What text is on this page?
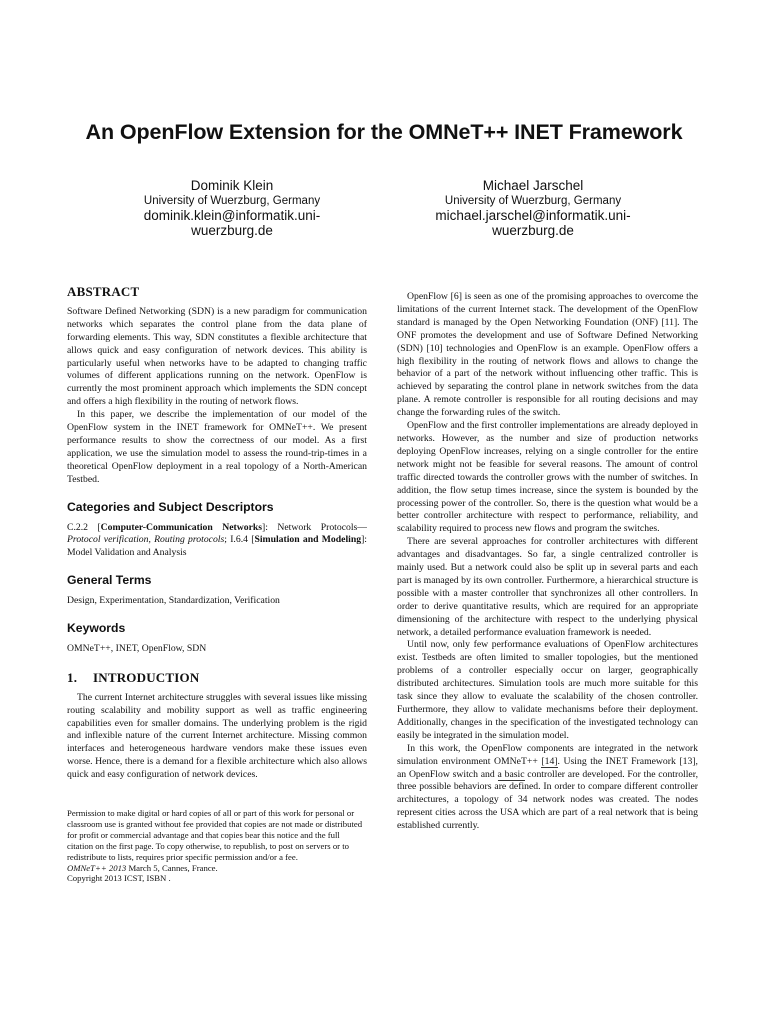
An OpenFlow Extension for the OMNeT++ INET Framework
Dominik Klein
University of Wuerzburg, Germany
dominik.klein@informatik.uni-
wuerzburg.de
Michael Jarschel
University of Wuerzburg, Germany
michael.jarschel@informatik.uni-
wuerzburg.de
ABSTRACT

Software Defined Networking (SDN) is a new paradigm for communication networks which separates the control plane from the data plane of forwarding elements. This way, SDN constitutes a flexible architecture that allows quick and easy configuration of network devices. This ability is particularly useful when networks have to be adapted to changing traffic volumes of different applications running on the network. OpenFlow is currently the most prominent approach which implements the SDN concept and offers a high flexibility in the routing of network flows.

In this paper, we describe the implementation of our model of the OpenFlow system in the INET framework for OMNeT++. We present performance results to show the correctness of our model. As a first application, we use the simulation model to assess the round-trip-times in a theoretical OpenFlow deployment in a real topology of a North-American Testbed.

Categories and Subject Descriptors

C.2.2 [Computer-Communication Networks]: Network Protocols—Protocol verification, Routing protocols; I.6.4 [Simulation and Modeling]: Model Validation and Analysis

General Terms

Design, Experimentation, Standardization, Verification

Keywords

OMNeT++, INET, OpenFlow, SDN

1. INTRODUCTION

The current Internet architecture struggles with several issues like missing routing scalability and mobility support as well as traffic engineering capabilities even for smaller domains. The underlying problem is the rigid and inflexible nature of the current Internet architecture. Missing common interfaces and heterogeneous hardware vendors make these issues even worse. Hence, there is a demand for a flexible architecture which also allows quick and easy configuration of network devices.

Permission to make digital or hard copies of all or part of this work for personal or classroom use is granted without fee provided that copies are not made or distributed for profit or commercial advantage and that copies bear this notice and the full citation on the first page. To copy otherwise, to republish, to post on servers or to redistribute to lists, requires prior specific permission and/or a fee.

OMNeT++ 2013 March 5, Cannes, France.

Copyright 2013 ICST, ISBN .

OpenFlow [6] is seen as one of the promising approaches to overcome the limitations of the current Internet stack. The development of the OpenFlow standard is managed by the Open Networking Foundation (ONF) [11]. The ONF promotes the development and use of Software Defined Networking (SDN) [10] technologies and OpenFlow is an example. OpenFlow offers a high flexibility in the routing of network flows and allows to change the behavior of a part of the network without influencing other traffic. This is achieved by separating the control plane in network switches from the data plane. A remote controller is responsible for all routing decisions and may change the forwarding rules of the switch.

OpenFlow and the first controller implementations are already deployed in networks. However, as the number and size of production networks deploying OpenFlow increases, relying on a single controller for the entire network might not be feasible for several reasons. The amount of control traffic directed towards the controller grows with the number of switches. In addition, the flow setup times increase, since the system is bounded by the processing power of the controller. So, there is the question what would be a better controller architecture with respect to performance, reliability, and scalability required to process new flows and program the switches.

There are several approaches for controller architectures with different advantages and disadvantages. So far, a single centralized controller is mainly used. But a network could also be split up in several parts and each part is managed by its own controller. Furthermore, a hierarchical structure is possible with a master controller that synchronizes all other controllers. In order to derive quantitative results, which are required for an appropriate dimensioning of the architecture with respect to the underlying physical network, a detailed performance evaluation framework is needed.

Until now, only few performance evaluations of OpenFlow architectures exist. Testbeds are often limited to smaller topologies, but the mentioned problems of a controller especially occur on larger, geographically distributed architectures. Simulation tools are much more suitable for this task since they allow to evaluate the scalability of the chosen controller. Furthermore, they allow to validate mechanisms before their deployment. Additionally, changes in the specification of the investigated technology can easily be integrated in the simulation model.

In this work, the OpenFlow components are integrated in the network simulation environment OMNeT++ [14]. Using the INET Framework [13], an OpenFlow switch and a basic controller are developed. For the controller, three possible behaviors are defined. In order to compare different controller architectures, a topology of 34 network nodes was created. The nodes represent cities across the USA which are part of a real network that is being established currently.
